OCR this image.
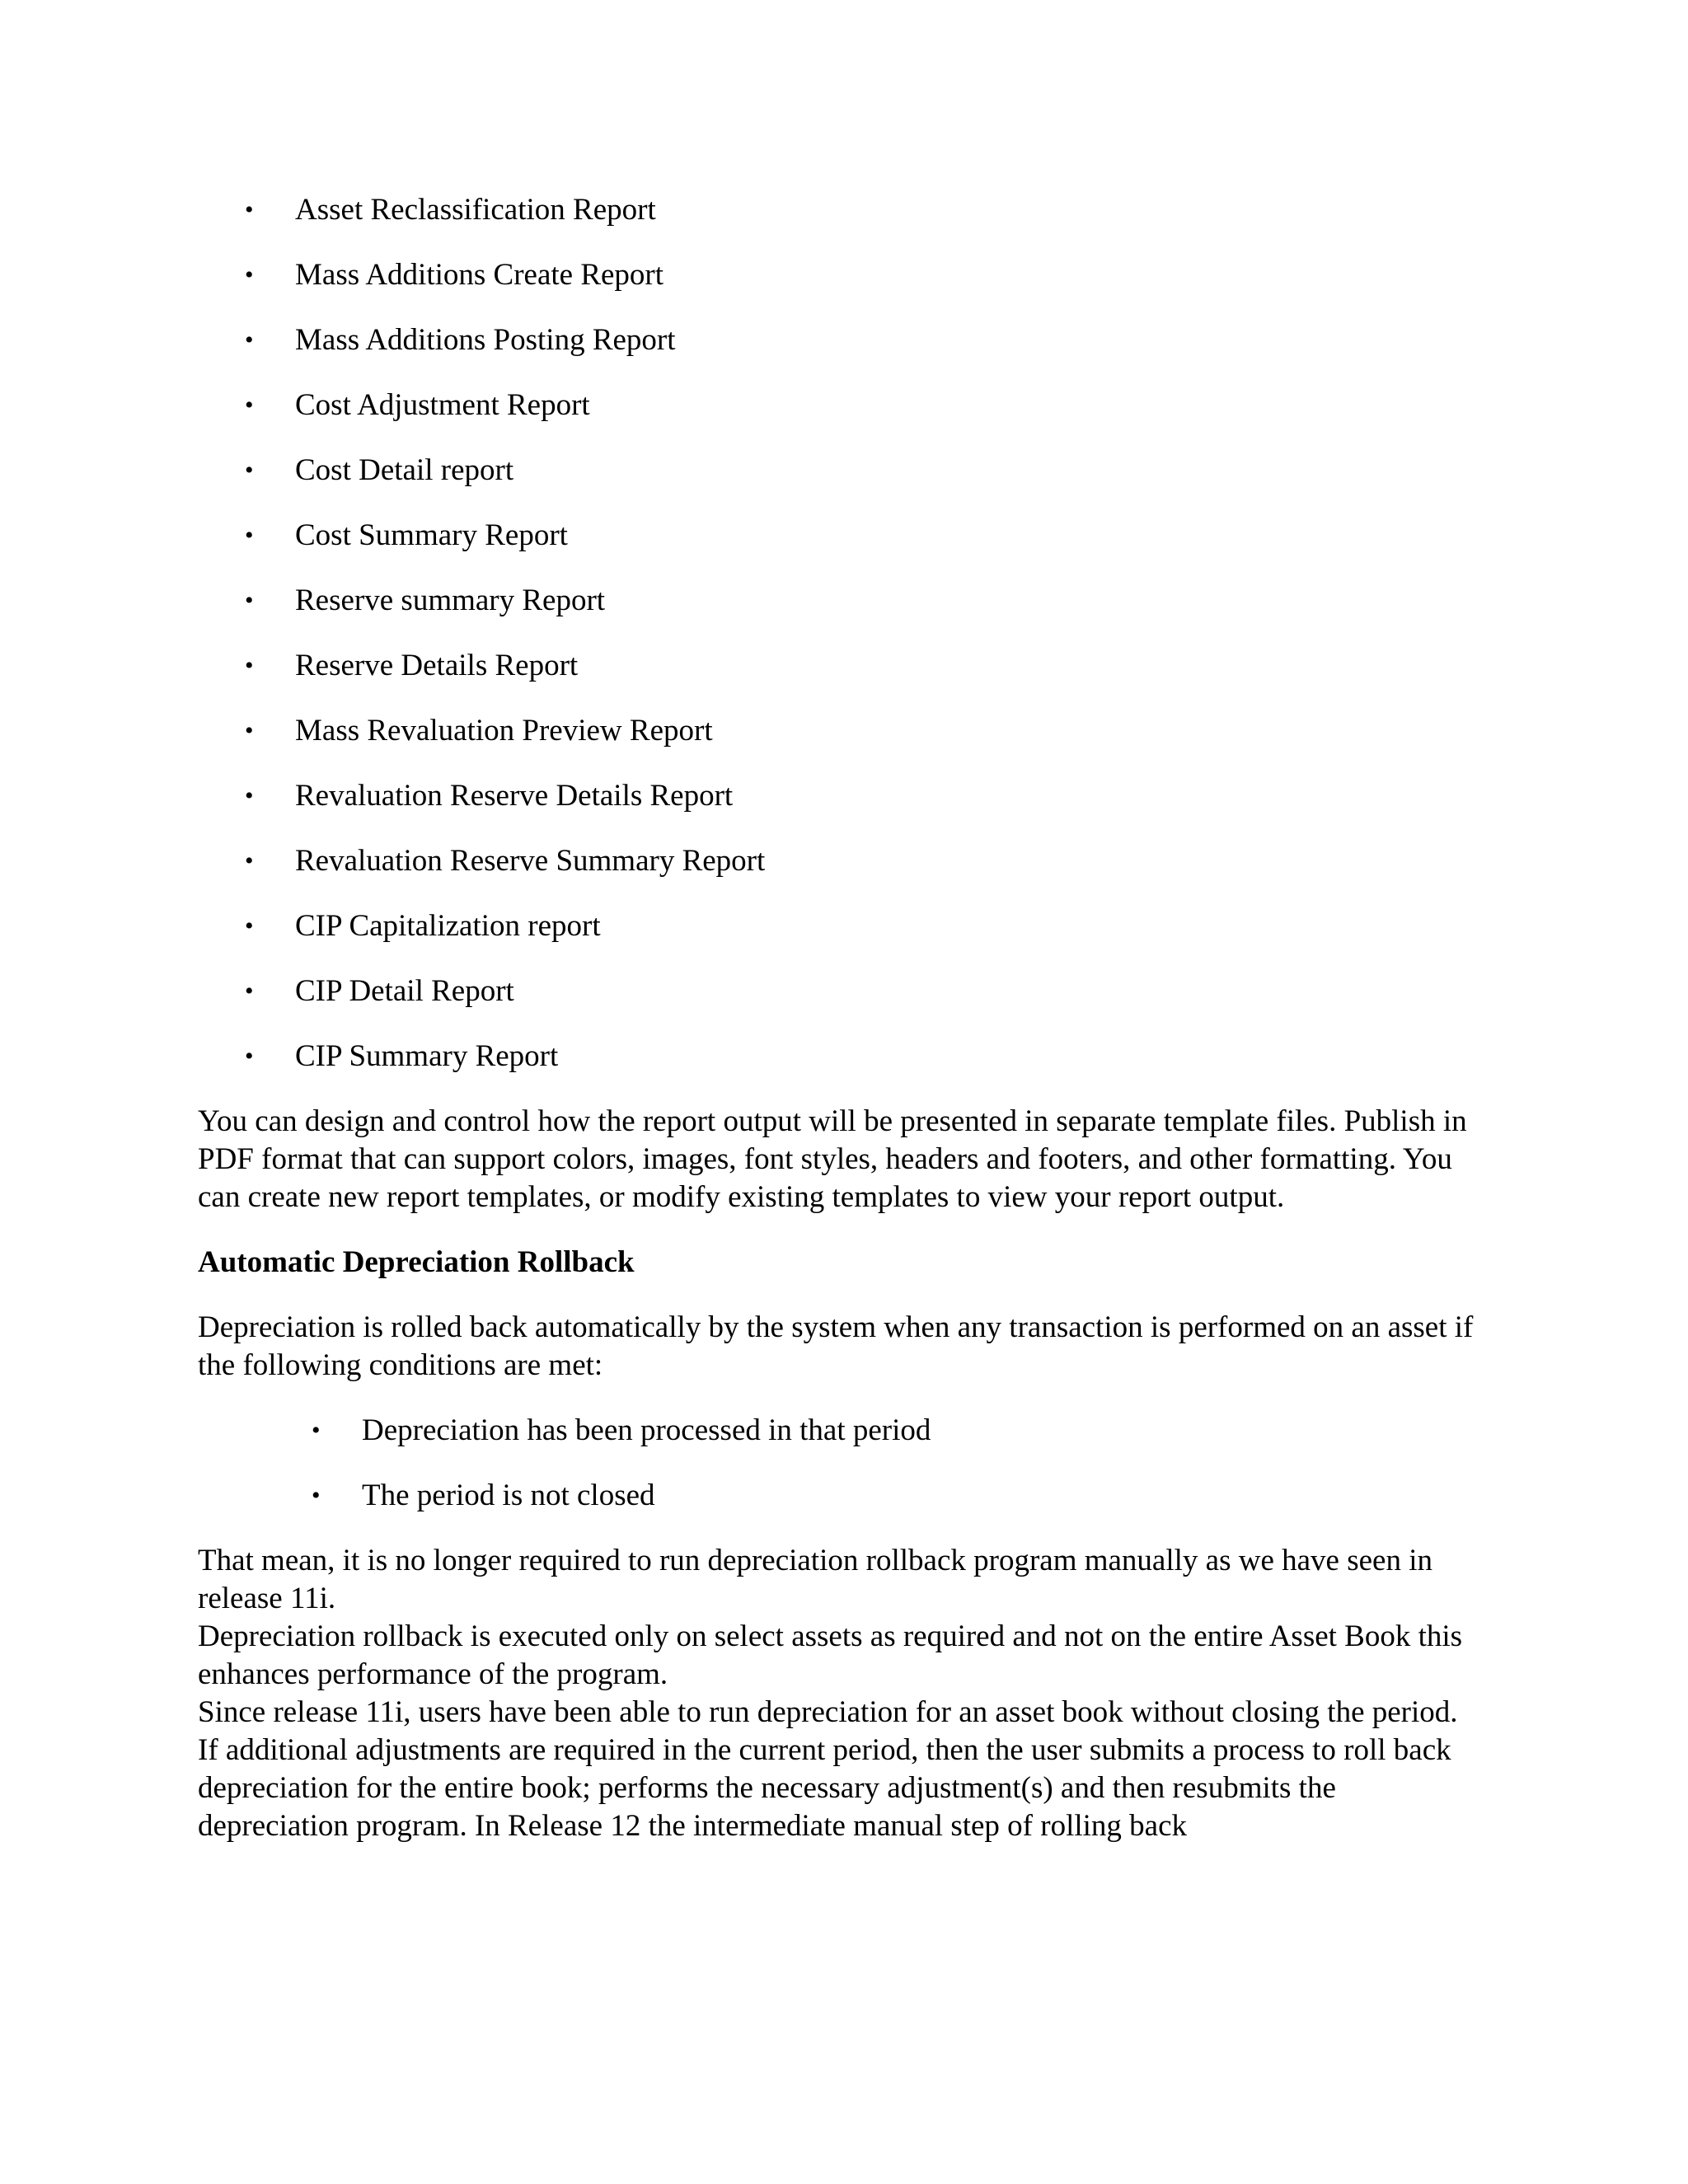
• Asset Reclassification Report
• Mass Additions Create Report
• Mass Additions Posting Report
• Cost Adjustment Report
• Cost Detail report
• Cost Summary Report
• Reserve summary Report
• Reserve Details Report
• Mass Revaluation Preview Report
• Revaluation Reserve Details Report
• Revaluation Reserve Summary Report
• CIP Capitalization report
• CIP Detail Report
• CIP Summary Report

You can design and control how the report output will be presented in separate template files. Publish in PDF format that can support colors, images, font styles, headers and footers, and other formatting. You can create new report templates, or modify existing templates to view your report output.

Automatic Depreciation Rollback

Depreciation is rolled back automatically by the system when any transaction is performed on an asset if the following conditions are met:

• Depreciation has been processed in that period
• The period is not closed

That mean, it is no longer required to run depreciation rollback program manually as we have seen in release 11i.

Depreciation rollback is executed only on select assets as required and not on the entire Asset Book this enhances performance of the program.

Since release 11i, users have been able to run depreciation for an asset book without closing the period. If additional adjustments are required in the current period, then the user submits a process to roll back depreciation for the entire book; performs the necessary adjustment(s) and then resubmits the depreciation program. In Release 12 the intermediate manual step of rolling back
